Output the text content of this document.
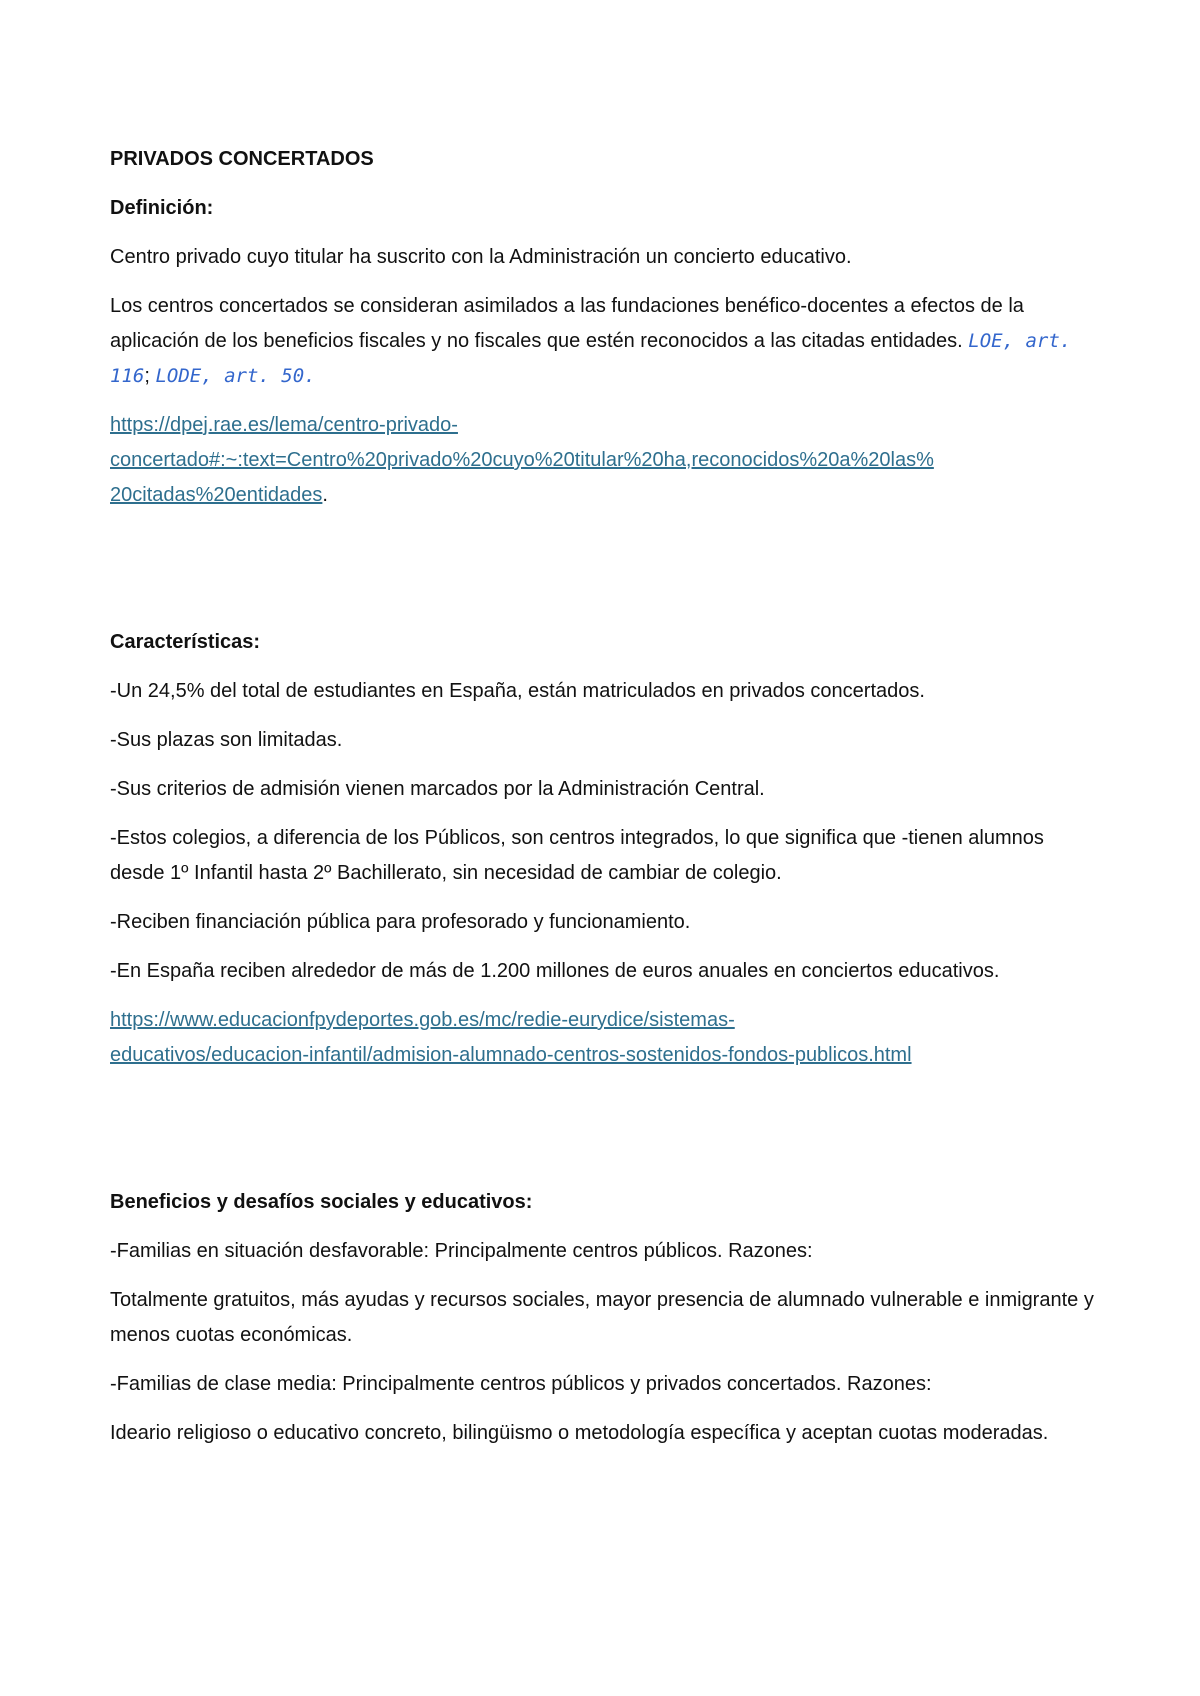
PRIVADOS CONCERTADOS
Definición:

Centro privado cuyo titular ha suscrito con la Administración un concierto educativo.

Los centros concertados se consideran asimilados a las fundaciones benéfico-docentes a efectos de la aplicación de los beneficios fiscales y no fiscales que estén reconocidos a las citadas entidades. LOE, art. 116; LODE, art. 50.

https://dpej.rae.es/lema/centro-privado-
concertado#:~:text=Centro%20privado%20cuyo%20titular%20ha,reconocidos%20a%20las%
20citadas%20entidades.

Características:

-Un 24,5% del total de estudiantes en España, están matriculados en privados concertados.

-Sus plazas son limitadas.

-Sus criterios de admisión vienen marcados por la Administración Central.

-Estos colegios, a diferencia de los Públicos, son centros integrados, lo que significa que -tienen alumnos desde 1º Infantil hasta 2º Bachillerato, sin necesidad de cambiar de colegio.

-Reciben financiación pública para profesorado y funcionamiento.

-En España reciben alrededor de más de 1.200 millones de euros anuales en conciertos educativos.

https://www.educacionfpydeportes.gob.es/mc/redie-eurydice/sistemas-
educativos/educacion-infantil/admision-alumnado-centros-sostenidos-fondos-publicos.html

Beneficios y desafíos sociales y educativos:

-Familias en situación desfavorable: Principalmente centros públicos. Razones:

Totalmente gratuitos, más ayudas y recursos sociales, mayor presencia de alumnado vulnerable e inmigrante y menos cuotas económicas.

-Familias de clase media: Principalmente centros públicos y privados concertados. Razones:

Ideario religioso o educativo concreto, bilingüismo o metodología específica y aceptan cuotas moderadas.
